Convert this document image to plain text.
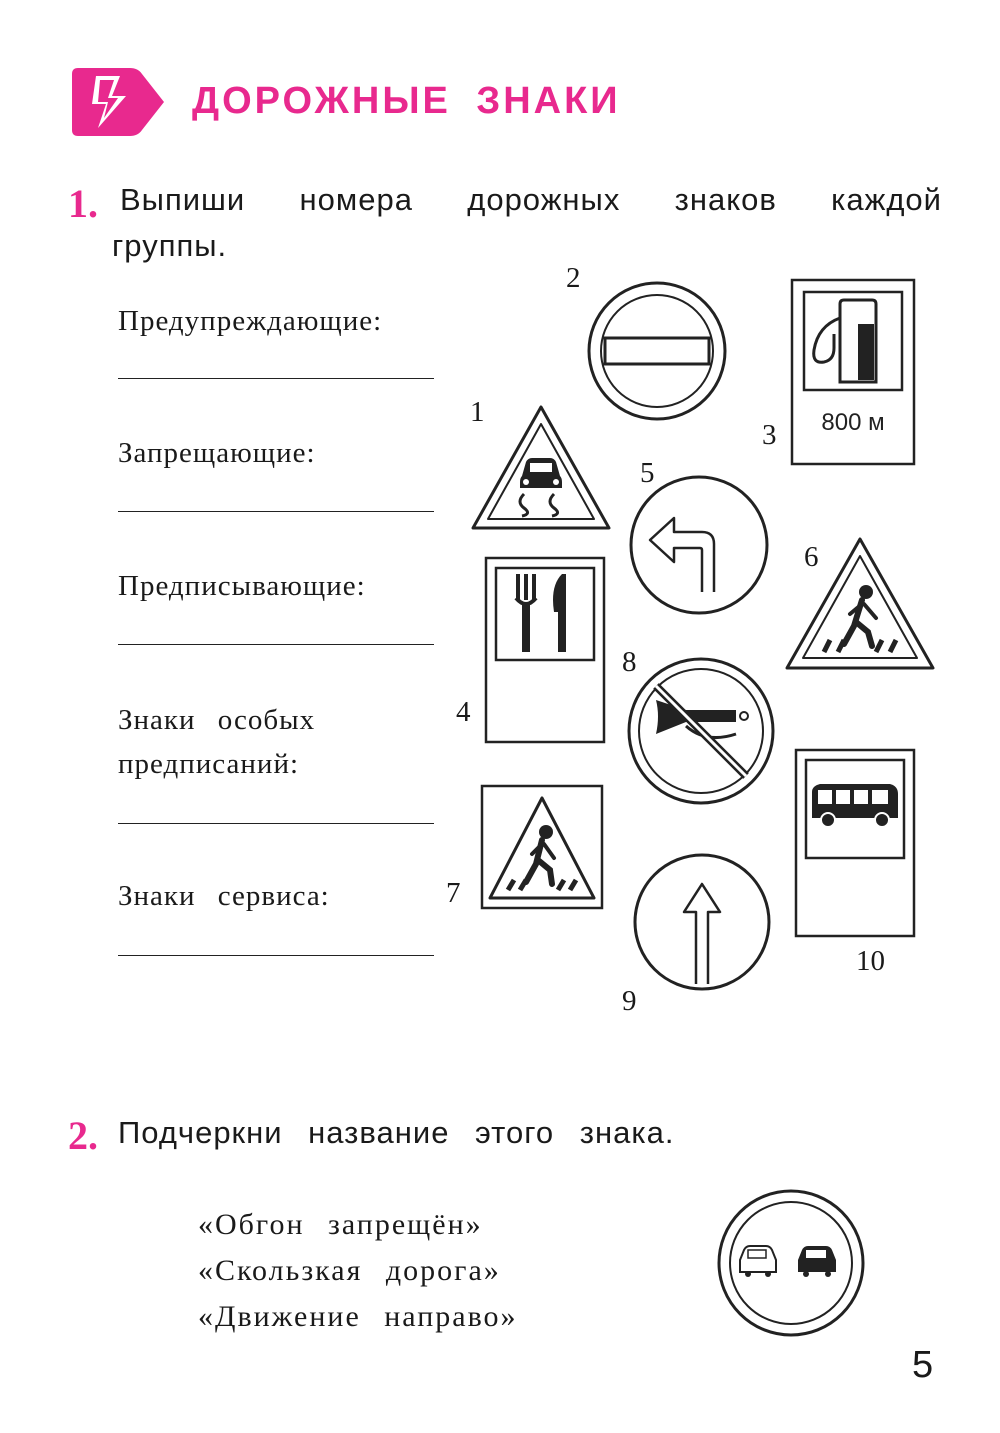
ДОРОЖНЫЕ ЗНАКИ
1. Выпиши номера дорожных знаков каждой
группы.
Предупреждающие:
Запрещающие:
Предписывающие:
Знаки особых
предписаний:
Знаки сервиса:
1
2
3
4
5
6
7
8
9
10
800 м
2. Подчеркни название этого знака.
«Обгон запрещён»
«Скользкая дорога»
«Движение направо»
5
